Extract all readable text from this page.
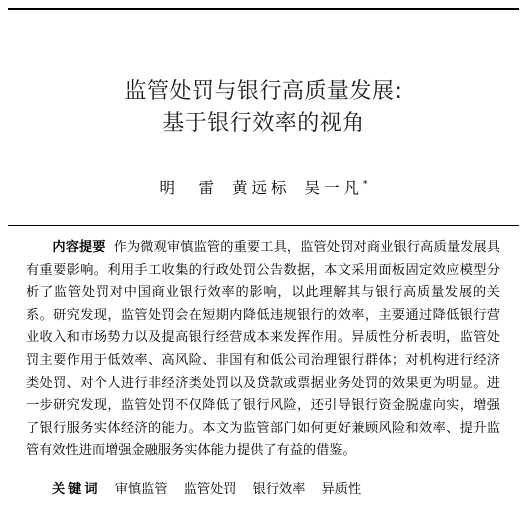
监管处罚与银行高质量发展:
基于银行效率的视角
明　雷 黄远标 吴一凡*

内容提要 作为微观审慎监管的重要工具，监管处罚对商业银行高质量发展具有重要影响。利用手工收集的行政处罚公告数据，本文采用面板固定效应模型分析了监管处罚对中国商业银行效率的影响，以此理解其与银行高质量发展的关系。研究发现，监管处罚会在短期内降低违规银行的效率，主要通过降低银行营业收入和市场势力以及提高银行经营成本来发挥作用。异质性分析表明，监管处罚主要作用于低效率、高风险、非国有和低公司治理银行群体；对机构进行经济类处罚、对个人进行非经济类处罚以及贷款或票据业务处罚的效果更为明显。进一步研究发现，监管处罚不仅降低了银行风险，还引导银行资金脱虚向实，增强了银行服务实体经济的能力。本文为监管部门如何更好兼顾风险和效率、提升监管有效性进而增强金融服务实体能力提供了有益的借鉴。

关键词 审慎监管 监管处罚 银行效率 异质性
